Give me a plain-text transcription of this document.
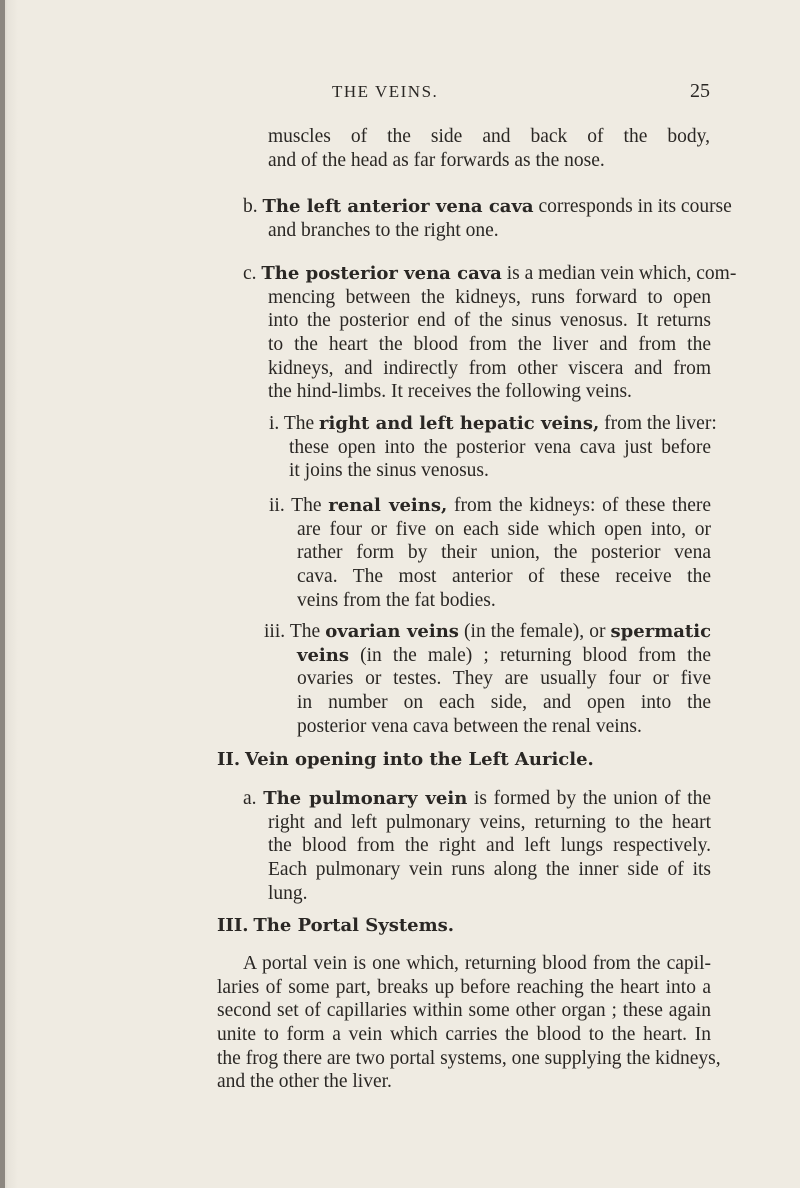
THE VEINS.	25
muscles of the side and back of the body,
and of the head as far forwards as the nose.
b. The left anterior vena cava corresponds in its course
and branches to the right one.
c. The posterior vena cava is a median vein which, com-
mencing between the kidneys, runs forward to open
into the posterior end of the sinus venosus. It returns
to the heart the blood from the liver and from the
kidneys, and indirectly from other viscera and from
the hind-limbs. It receives the following veins.
i. The right and left hepatic veins, from the liver:
these open into the posterior vena cava just before
it joins the sinus venosus.
ii. The renal veins, from the kidneys: of these there
are four or five on each side which open into, or
rather form by their union, the posterior vena
cava. The most anterior of these receive the
veins from the fat bodies.
iii. The ovarian veins (in the female), or spermatic
veins (in the male) ; returning blood from the
ovaries or testes. They are usually four or five
in number on each side, and open into the
posterior vena cava between the renal veins.
II. Vein opening into the Left Auricle.
a. The pulmonary vein is formed by the union of the
right and left pulmonary veins, returning to the heart
the blood from the right and left lungs respectively.
Each pulmonary vein runs along the inner side of its
lung.
III. The Portal Systems.
A portal vein is one which, returning blood from the capil-
laries of some part, breaks up before reaching the heart into a
second set of capillaries within some other organ ; these again
unite to form a vein which carries the blood to the heart. In
the frog there are two portal systems, one supplying the kidneys,
and the other the liver.
